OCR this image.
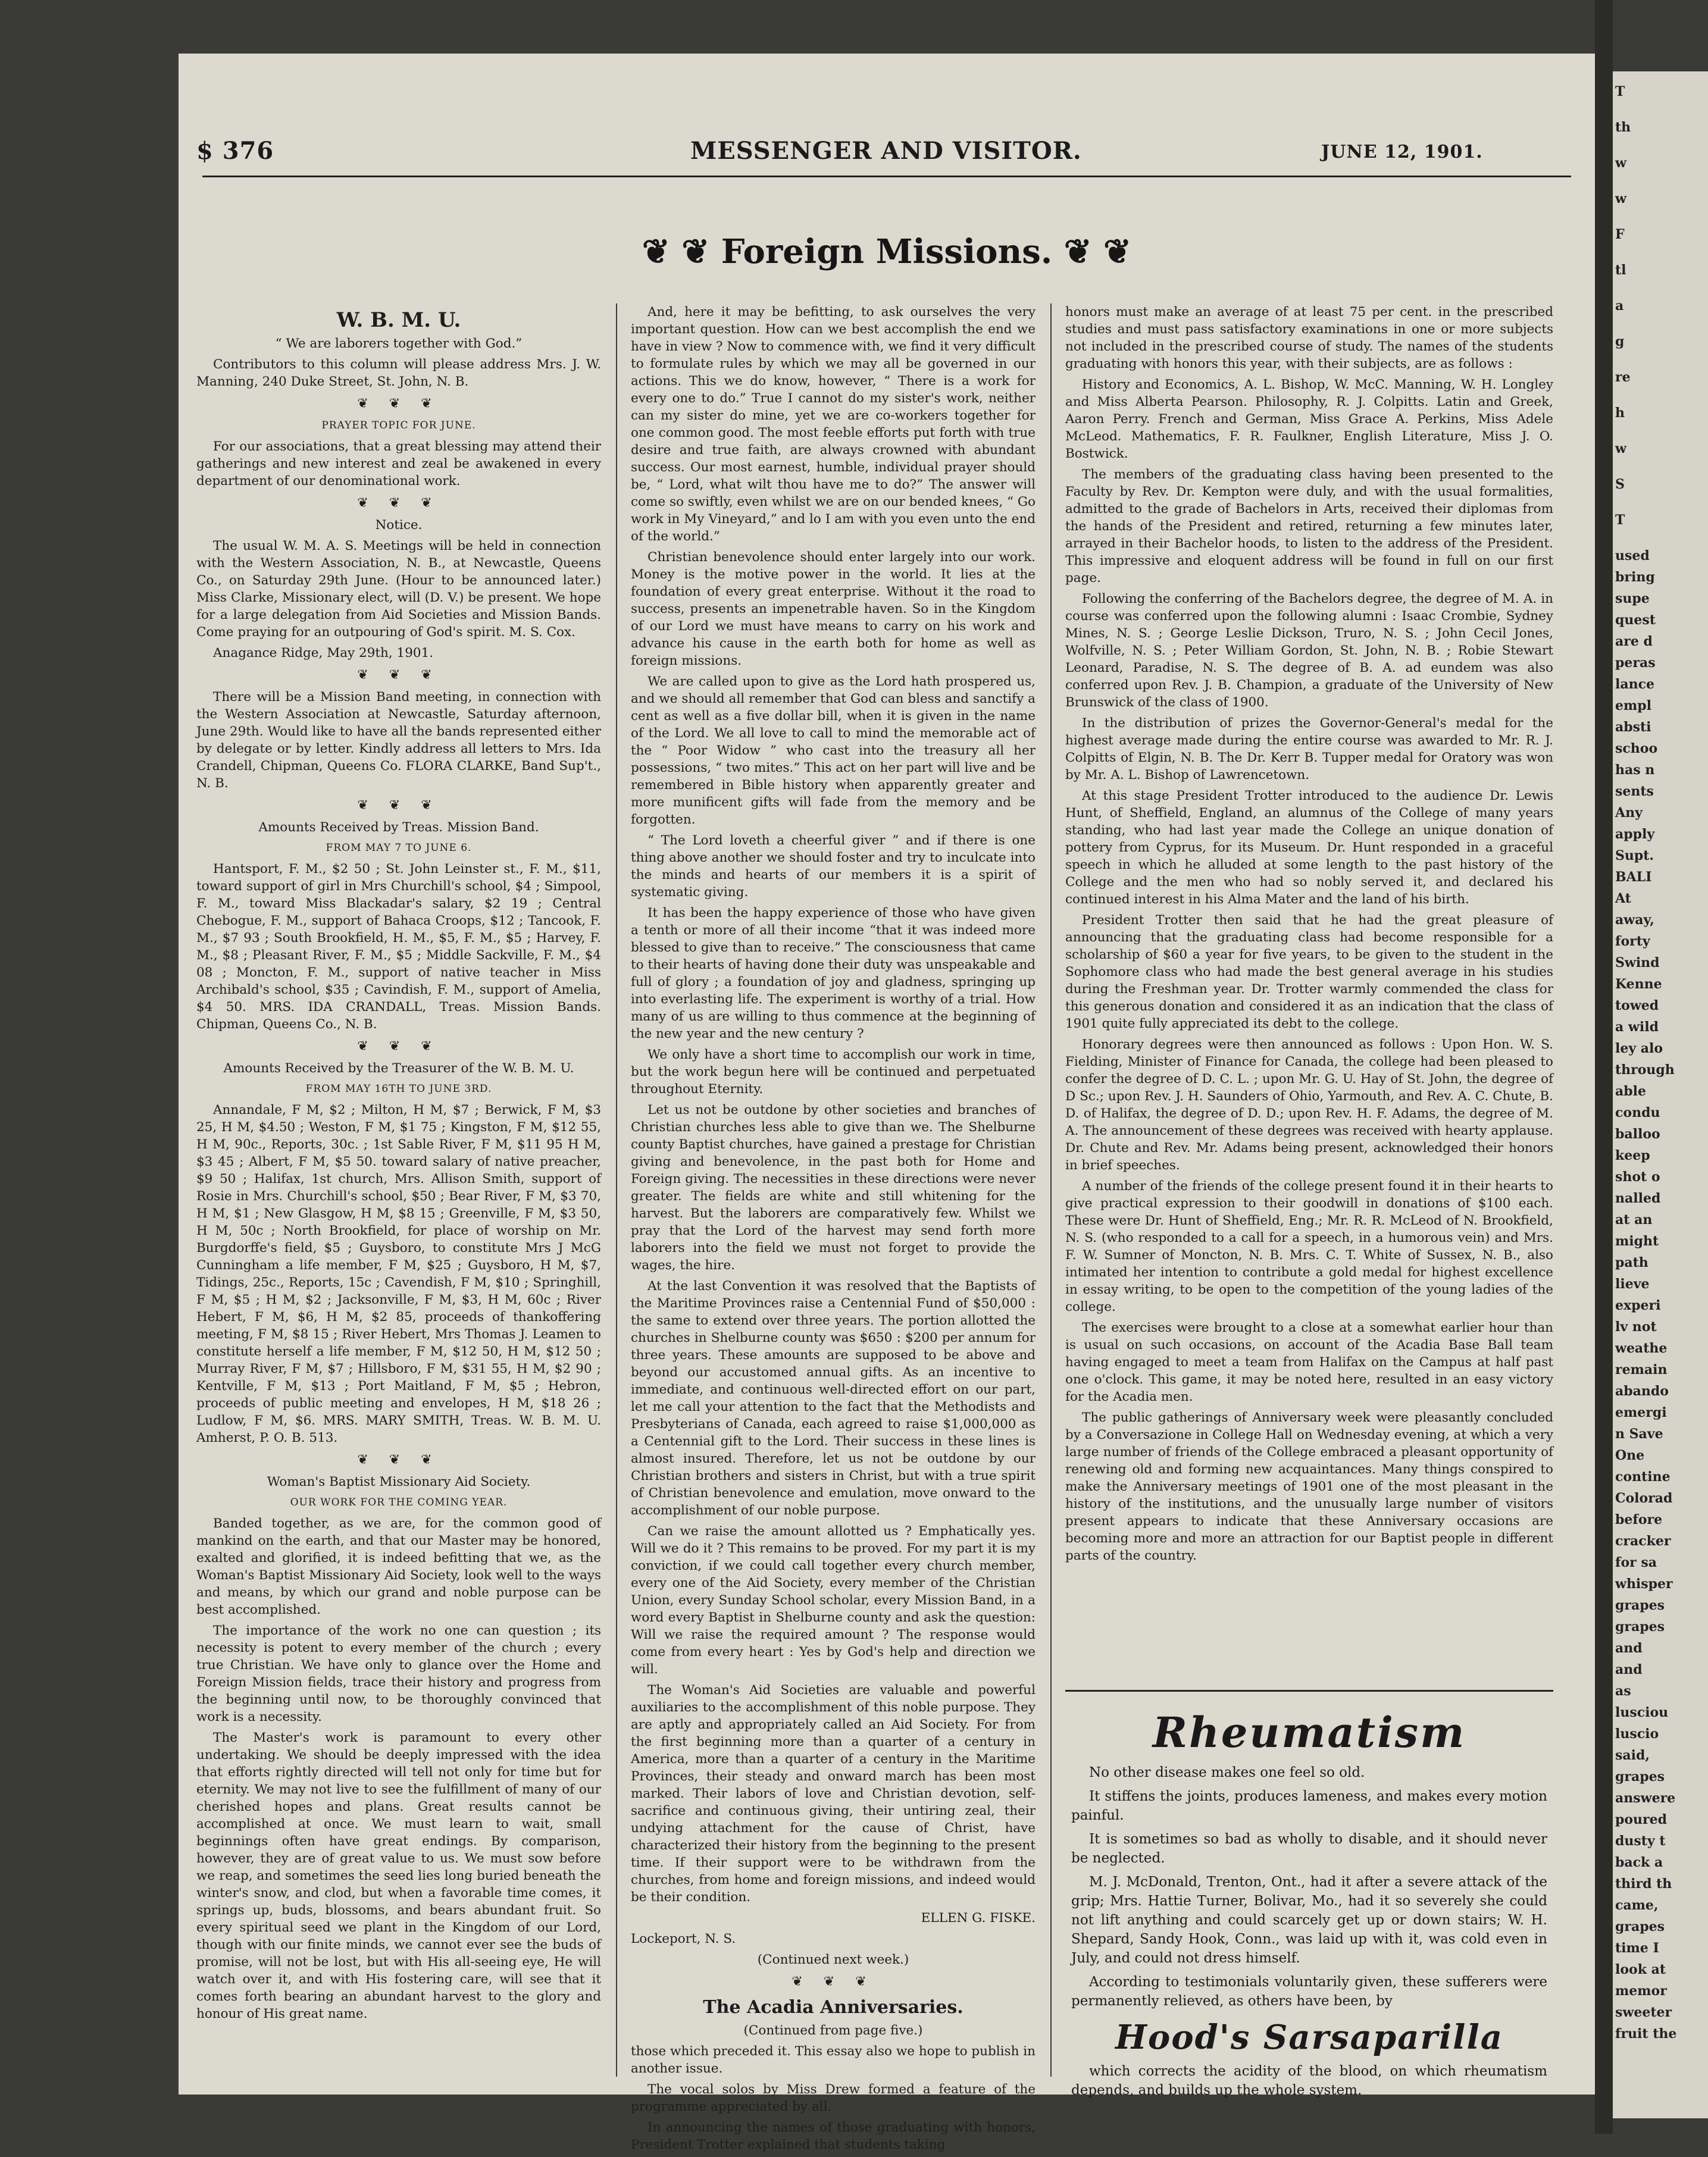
$ 376	MESSENGER AND VISITOR.	JUNE 12, 1901.
❦ ❦ Foreign Missions. ❦ ❦

W. B. M. U.

“ We are laborers together with God.”

Contributors to this column will please address Mrs. J. W. Manning, 240 Duke Street, St. John, N. B.

❦ ❦ ❦

PRAYER TOPIC FOR JUNE.

For our associations, that a great blessing may attend their gatherings and new interest and zeal be awakened in every department of our denominational work.

❦ ❦ ❦

Notice.

The usual W. M. A. S. Meetings will be held in connection with the Western Association, N. B., at Newcastle, Queens Co., on Saturday 29th June. (Hour to be announced later.) Miss Clarke, Missionary elect, will (D. V.) be present. We hope for a large delegation from Aid Societies and Mission Bands. Come praying for an outpouring of God's spirit. M. S. Cox.

Anagance Ridge, May 29th, 1901.

❦ ❦ ❦

There will be a Mission Band meeting, in connection with the Western Association at Newcastle, Saturday afternoon, June 29th. Would like to have all the bands represented either by delegate or by letter. Kindly address all letters to Mrs. Ida Crandell, Chipman, Queens Co. FLORA CLARKE, Band Sup't., N. B.

❦ ❦ ❦

Amounts Received by Treas. Mission Band.

FROM MAY 7 TO JUNE 6.

Hantsport, F. M., $2 50 ; St. John Leinster st., F. M., $11, toward support of girl in Mrs Churchill's school, $4 ; Simpool, F. M., toward Miss Blackadar's salary, $2 19 ; Central Chebogue, F. M., support of Bahaca Croops, $12 ; Tancook, F. M., $7 93 ; South Brookfield, H. M., $5, F. M., $5 ; Harvey, F. M., $8 ; Pleasant River, F. M., $5 ; Middle Sackville, F. M., $4 08 ; Moncton, F. M., support of native teacher in Miss Archibald's school, $35 ; Cavindish, F. M., support of Amelia, $4 50. MRS. IDA CRANDALL, Treas. Mission Bands. Chipman, Queens Co., N. B.

❦ ❦ ❦

Amounts Received by the Treasurer of the W. B. M. U.

FROM MAY 16TH TO JUNE 3RD.

Annandale, F M, $2 ; Milton, H M, $7 ; Berwick, F M, $3 25, H M, $4.50 ; Weston, F M, $1 75 ; Kingston, F M, $12 55, H M, 90c., Reports, 30c. ; 1st Sable River, F M, $11 95 H M, $3 45 ; Albert, F M, $5 50. toward salary of native preacher, $9 50 ; Halifax, 1st church, Mrs. Allison Smith, support of Rosie in Mrs. Churchill's school, $50 ; Bear River, F M, $3 70, H M, $1 ; New Glasgow, H M, $8 15 ; Greenville, F M, $3 50, H M, 50c ; North Brookfield, for place of worship on Mr. Burgdorffe's field, $5 ; Guysboro, to constitute Mrs J McG Cunningham a life member, F M, $25 ; Guysboro, H M, $7, Tidings, 25c., Reports, 15c ; Cavendish, F M, $10 ; Springhill, F M, $5 ; H M, $2 ; Jacksonville, F M, $3, H M, 60c ; River Hebert, F M, $6, H M, $2 85, proceeds of thankoffering meeting, F M, $8 15 ; River Hebert, Mrs Thomas J. Leamen to constitute herself a life member, F M, $12 50, H M, $12 50 ; Murray River, F M, $7 ; Hillsboro, F M, $31 55, H M, $2 90 ; Kentville, F M, $13 ; Port Maitland, F M, $5 ; Hebron, proceeds of public meeting and envelopes, H M, $18 26 ; Ludlow, F M, $6. MRS. MARY SMITH, Treas. W. B. M. U. Amherst, P. O. B. 513.

❦ ❦ ❦

Woman's Baptist Missionary Aid Society.

OUR WORK FOR THE COMING YEAR.

Banded together, as we are, for the common good of mankind on the earth, and that our Master may be honored, exalted and glorified, it is indeed befitting that we, as the Woman's Baptist Missionary Aid Society, look well to the ways and means, by which our grand and noble purpose can be best accomplished.

The importance of the work no one can question ; its necessity is potent to every member of the church ; every true Christian. We have only to glance over the Home and Foreign Mission fields, trace their history and progress from the beginning until now, to be thoroughly convinced that work is a necessity.

The Master's work is paramount to every other undertaking. We should be deeply impressed with the idea that efforts rightly directed will tell not only for time but for eternity. We may not live to see the fulfillment of many of our cherished hopes and plans. Great results cannot be accomplished at once. We must learn to wait, small beginnings often have great endings. By comparison, however, they are of great value to us. We must sow before we reap, and sometimes the seed lies long buried beneath the winter's snow, and clod, but when a favorable time comes, it springs up, buds, blossoms, and bears abundant fruit. So every spiritual seed we plant in the Kingdom of our Lord, though with our finite minds, we cannot ever see the buds of promise, will not be lost, but with His all-seeing eye, He will watch over it, and with His fostering care, will see that it comes forth bearing an abundant harvest to the glory and honour of His great name.

And, here it may be befitting, to ask ourselves the very important question. How can we best accomplish the end we have in view ? Now to commence with, we find it very difficult to formulate rules by which we may all be governed in our actions. This we do know, however, “ There is a work for every one to do.” True I cannot do my sister's work, neither can my sister do mine, yet we are co-workers together for one common good. The most feeble efforts put forth with true desire and true faith, are always crowned with abundant success. Our most earnest, humble, individual prayer should be, “ Lord, what wilt thou have me to do?” The answer will come so swiftly, even whilst we are on our bended knees, “ Go work in My Vineyard,” and lo I am with you even unto the end of the world.”

Christian benevolence should enter largely into our work. Money is the motive power in the world. It lies at the foundation of every great enterprise. Without it the road to success, presents an impenetrable haven. So in the Kingdom of our Lord we must have means to carry on his work and advance his cause in the earth both for home as well as foreign missions.

We are called upon to give as the Lord hath prospered us, and we should all remember that God can bless and sanctify a cent as well as a five dollar bill, when it is given in the name of the Lord. We all love to call to mind the memorable act of the “ Poor Widow ” who cast into the treasury all her possessions, “ two mites.” This act on her part will live and be remembered in Bible history when apparently greater and more munificent gifts will fade from the memory and be forgotten.

“ The Lord loveth a cheerful giver ” and if there is one thing above another we should foster and try to inculcate into the minds and hearts of our members it is a spirit of systematic giving.

It has been the happy experience of those who have given a tenth or more of all their income “that it was indeed more blessed to give than to receive.” The consciousness that came to their hearts of having done their duty was unspeakable and full of glory ; a foundation of joy and gladness, springing up into everlasting life. The experiment is worthy of a trial. How many of us are willing to thus commence at the beginning of the new year and the new century ?

We only have a short time to accomplish our work in time, but the work begun here will be continued and perpetuated throughout Eternity.

Let us not be outdone by other societies and branches of Christian churches less able to give than we. The Shelburne county Baptist churches, have gained a prestage for Christian giving and benevolence, in the past both for Home and Foreign giving. The necessities in these directions were never greater. The fields are white and still whitening for the harvest. But the laborers are comparatively few. Whilst we pray that the Lord of the harvest may send forth more laborers into the field we must not forget to provide the wages, the hire.

At the last Convention it was resolved that the Baptists of the Maritime Provinces raise a Centennial Fund of $50,000 : the same to extend over three years. The portion allotted the churches in Shelburne county was $650 : $200 per annum for three years. These amounts are supposed to be above and beyond our accustomed annual gifts. As an incentive to immediate, and continuous well-directed effort on our part, let me call your attention to the fact that the Methodists and Presbyterians of Canada, each agreed to raise $1,000,000 as a Centennial gift to the Lord. Their success in these lines is almost insured. Therefore, let us not be outdone by our Christian brothers and sisters in Christ, but with a true spirit of Christian benevolence and emulation, move onward to the accomplishment of our noble purpose.

Can we raise the amount allotted us ? Emphatically yes. Will we do it ? This remains to be proved. For my part it is my conviction, if we could call together every church member, every one of the Aid Society, every member of the Christian Union, every Sunday School scholar, every Mission Band, in a word every Baptist in Shelburne county and ask the question: Will we raise the required amount ? The response would come from every heart : Yes by God's help and direction we will.

The Woman's Aid Societies are valuable and powerful auxiliaries to the accomplishment of this noble purpose. They are aptly and appropriately called an Aid Society. For from the first beginning more than a quarter of a century in America, more than a quarter of a century in the Maritime Provinces, their steady and onward march has been most marked. Their labors of love and Christian devotion, self-sacrifice and continuous giving, their untiring zeal, their undying attachment for the cause of Christ, have characterized their history from the beginning to the present time. If their support were to be withdrawn from the churches, from home and foreign missions, and indeed would be their condition.

ELLEN G. FISKE.

Lockeport, N. S.

(Continued next week.)

❦ ❦ ❦

The Acadia Anniversaries.

(Continued from page five.)

those which preceded it. This essay also we hope to publish in another issue.

The vocal solos by Miss Drew formed a feature of the programme appreciated by all.

In announcing the names of those graduating with honors, President Trotter explained that students taking

honors must make an average of at least 75 per cent. in the prescribed studies and must pass satisfactory examinations in one or more subjects not included in the prescribed course of study. The names of the students graduating with honors this year, with their subjects, are as follows :

History and Economics, A. L. Bishop, W. McC. Manning, W. H. Longley and Miss Alberta Pearson. Philosophy, R. J. Colpitts. Latin and Greek, Aaron Perry. French and German, Miss Grace A. Perkins, Miss Adele McLeod. Mathematics, F. R. Faulkner, English Literature, Miss J. O. Bostwick.

The members of the graduating class having been presented to the Faculty by Rev. Dr. Kempton were duly, and with the usual formalities, admitted to the grade of Bachelors in Arts, received their diplomas from the hands of the President and retired, returning a few minutes later, arrayed in their Bachelor hoods, to listen to the address of the President. This impressive and eloquent address will be found in full on our first page.

Following the conferring of the Bachelors degree, the degree of M. A. in course was conferred upon the following alumni : Isaac Crombie, Sydney Mines, N. S. ; George Leslie Dickson, Truro, N. S. ; John Cecil Jones, Wolfville, N. S. ; Peter William Gordon, St. John, N. B. ; Robie Stewart Leonard, Paradise, N. S. The degree of B. A. ad eundem was also conferred upon Rev. J. B. Champion, a graduate of the University of New Brunswick of the class of 1900.

In the distribution of prizes the Governor-General's medal for the highest average made during the entire course was awarded to Mr. R. J. Colpitts of Elgin, N. B. The Dr. Kerr B. Tupper medal for Oratory was won by Mr. A. L. Bishop of Lawrencetown.

At this stage President Trotter introduced to the audience Dr. Lewis Hunt, of Sheffield, England, an alumnus of the College of many years standing, who had last year made the College an unique donation of pottery from Cyprus, for its Museum. Dr. Hunt responded in a graceful speech in which he alluded at some length to the past history of the College and the men who had so nobly served it, and declared his continued interest in his Alma Mater and the land of his birth.

President Trotter then said that he had the great pleasure of announcing that the graduating class had become responsible for a scholarship of $60 a year for five years, to be given to the student in the Sophomore class who had made the best general average in his studies during the Freshman year. Dr. Trotter warmly commended the class for this generous donation and considered it as an indication that the class of 1901 quite fully appreciated its debt to the college.

Honorary degrees were then announced as follows : Upon Hon. W. S. Fielding, Minister of Finance for Canada, the college had been pleased to confer the degree of D. C. L. ; upon Mr. G. U. Hay of St. John, the degree of D Sc.; upon Rev. J. H. Saunders of Ohio, Yarmouth, and Rev. A. C. Chute, B. D. of Halifax, the degree of D. D.; upon Rev. H. F. Adams, the degree of M. A. The announcement of these degrees was received with hearty applause. Dr. Chute and Rev. Mr. Adams being present, acknowledged their honors in brief speeches.

A number of the friends of the college present found it in their hearts to give practical expression to their goodwill in donations of $100 each. These were Dr. Hunt of Sheffield, Eng.; Mr. R. R. McLeod of N. Brookfield, N. S. (who responded to a call for a speech, in a humorous vein) and Mrs. F. W. Sumner of Moncton, N. B. Mrs. C. T. White of Sussex, N. B., also intimated her intention to contribute a gold medal for highest excellence in essay writing, to be open to the competition of the young ladies of the college.

The exercises were brought to a close at a somewhat earlier hour than is usual on such occasions, on account of the Acadia Base Ball team having engaged to meet a team from Halifax on the Campus at half past one o'clock. This game, it may be noted here, resulted in an easy victory for the Acadia men.

The public gatherings of Anniversary week were pleasantly concluded by a Conversazione in College Hall on Wednesday evening, at which a very large number of friends of the College embraced a pleasant opportunity of renewing old and forming new acquaintances. Many things conspired to make the Anniversary meetings of 1901 one of the most pleasant in the history of the institutions, and the unusually large number of visitors present appears to indicate that these Anniversary occasions are becoming more and more an attraction for our Baptist people in different parts of the country.

Rheumatism

No other disease makes one feel so old.

It stiffens the joints, produces lameness, and makes every motion painful.

It is sometimes so bad as wholly to disable, and it should never be neglected.

M. J. McDonald, Trenton, Ont., had it after a severe attack of the grip; Mrs. Hattie Turner, Bolivar, Mo., had it so severely she could not lift anything and could scarcely get up or down stairs; W. H. Shepard, Sandy Hook, Conn., was laid up with it, was cold even in July, and could not dress himself.

According to testimonials voluntarily given, these sufferers were permanently relieved, as others have been, by

Hood's Sarsaparilla

which corrects the acidity of the blood, on which rheumatism depends, and builds up the whole system.

T
th
w
w
F
tl
a
g
re
h
w
S
T
used
bring
supe
quest
are d
peras
lance
empl
absti
schoo
has n
sents
Any
apply
Supt.
BALI
At
away,
forty
Swind
Kenne
towed
a wild
ley alo
through
able
condu
balloo
keep
shot o
nalled
at an
might
path
lieve
experi
lv not
weathe
remain
abando
emergi
n Save
One
contine
Colorad
before
cracker
for sa
whisper
grapes
grapes
and
and
as
lusciou
luscio
said,
grapes
answere
poured
dusty t
back a
third th
came,
grapes
time I
look at
memor
sweeter
fruit the
